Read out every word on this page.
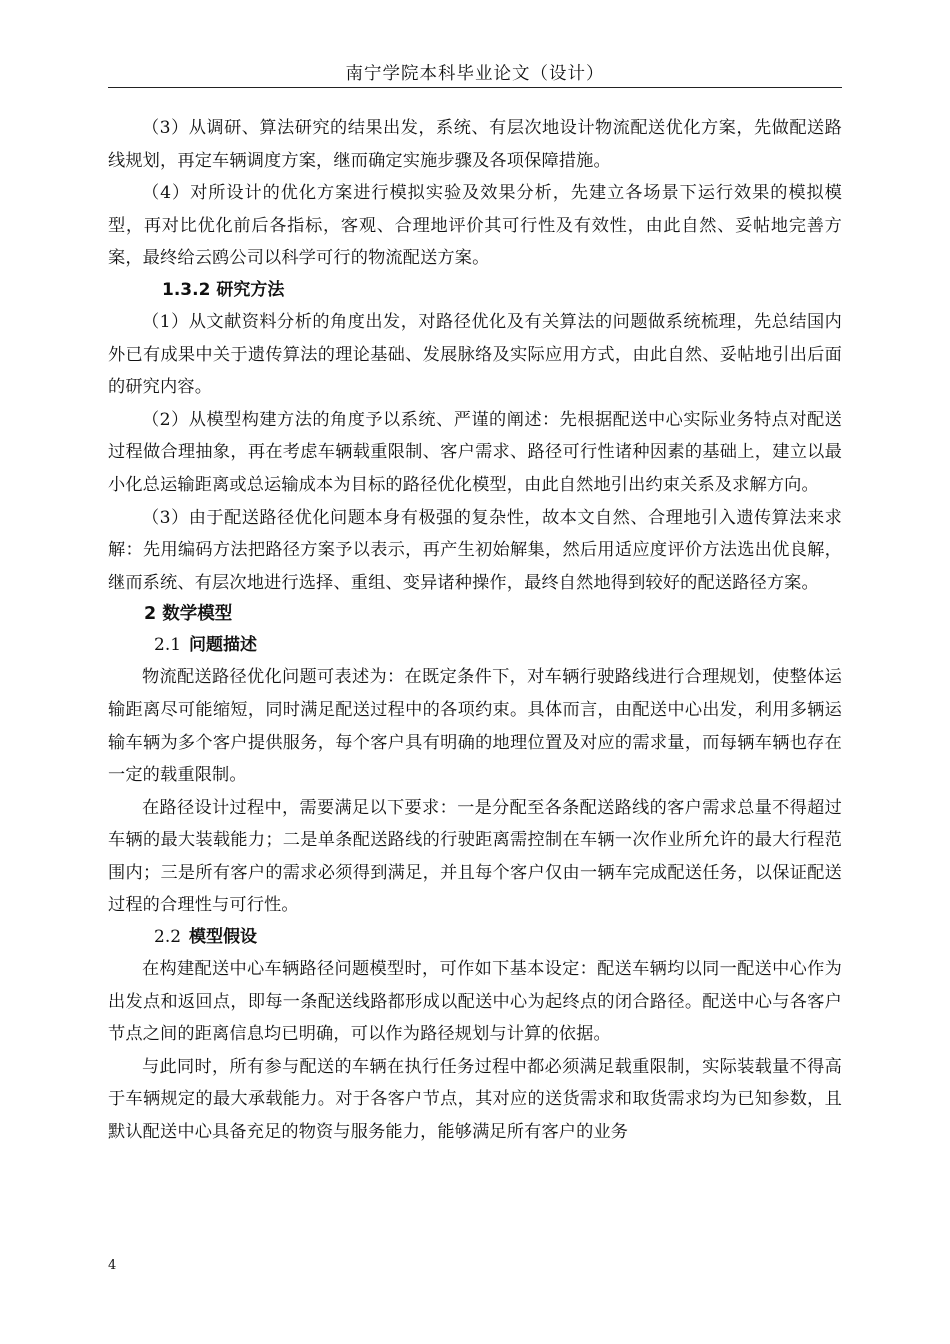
南宁学院本科毕业论文（设计）

（3）从调研、算法研究的结果出发，系统、有层次地设计物流配送优化方案，先做配送路线规划，再定车辆调度方案，继而确定实施步骤及各项保障措施。

（4）对所设计的优化方案进行模拟实验及效果分析，先建立各场景下运行效果的模拟模型，再对比优化前后各指标，客观、合理地评价其可行性及有效性，由此自然、妥帖地完善方案，最终给云鸥公司以科学可行的物流配送方案。

1.3.2 研究方法

（1）从文献资料分析的角度出发，对路径优化及有关算法的问题做系统梳理，先总结国内外已有成果中关于遗传算法的理论基础、发展脉络及实际应用方式，由此自然、妥帖地引出后面的研究内容。

（2）从模型构建方法的角度予以系统、严谨的阐述：先根据配送中心实际业务特点对配送过程做合理抽象，再在考虑车辆载重限制、客户需求、路径可行性诸种因素的基础上，建立以最小化总运输距离或总运输成本为目标的路径优化模型，由此自然地引出约束关系及求解方向。

（3）由于配送路径优化问题本身有极强的复杂性，故本文自然、合理地引入遗传算法来求解：先用编码方法把路径方案予以表示，再产生初始解集，然后用适应度评价方法选出优良解，继而系统、有层次地进行选择、重组、变异诸种操作，最终自然地得到较好的配送路径方案。

2 数学模型
2.1 问题描述

物流配送路径优化问题可表述为：在既定条件下，对车辆行驶路线进行合理规划，使整体运输距离尽可能缩短，同时满足配送过程中的各项约束。具体而言，由配送中心出发，利用多辆运输车辆为多个客户提供服务，每个客户具有明确的地理位置及对应的需求量，而每辆车辆也存在一定的载重限制。

在路径设计过程中，需要满足以下要求：一是分配至各条配送路线的客户需求总量不得超过车辆的最大装载能力；二是单条配送路线的行驶距离需控制在车辆一次作业所允许的最大行程范围内；三是所有客户的需求必须得到满足，并且每个客户仅由一辆车完成配送任务，以保证配送过程的合理性与可行性。

2.2 模型假设

在构建配送中心车辆路径问题模型时，可作如下基本设定：配送车辆均以同一配送中心作为出发点和返回点，即每一条配送线路都形成以配送中心为起终点的闭合路径。配送中心与各客户节点之间的距离信息均已明确，可以作为路径规划与计算的依据。

与此同时，所有参与配送的车辆在执行任务过程中都必须满足载重限制，实际装载量不得高于车辆规定的最大承载能力。对于各客户节点，其对应的送货需求和取货需求均为已知参数，且默认配送中心具备充足的物资与服务能力，能够满足所有客户的业务

4
